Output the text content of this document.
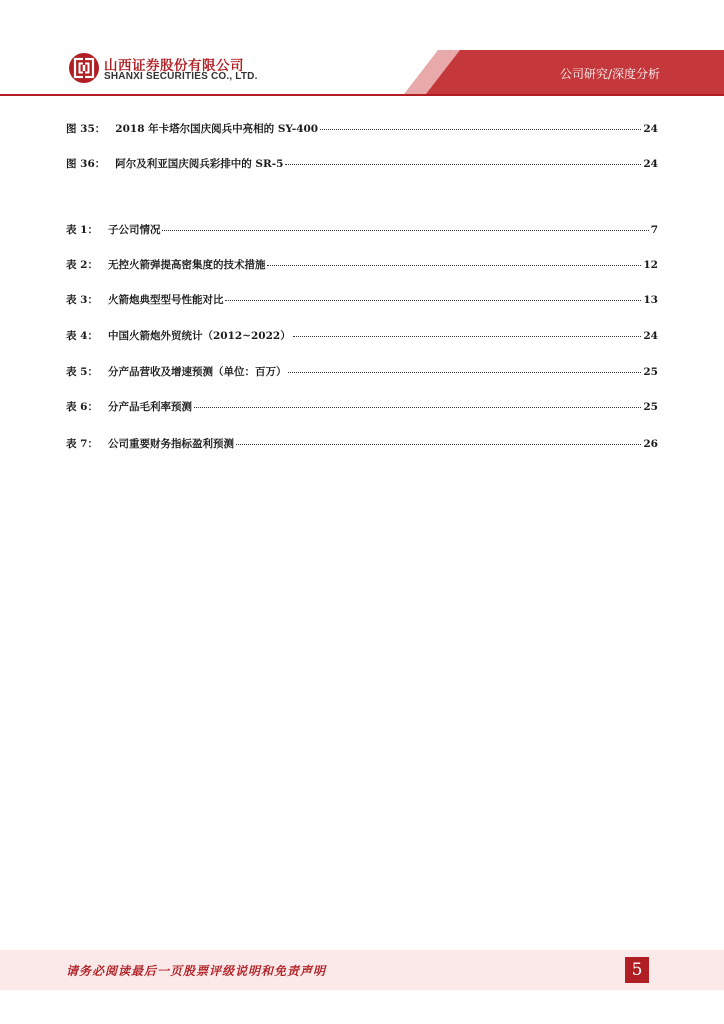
山西证券股份有限公司
SHANXI SECURITIES CO., LTD.	公司研究/深度分析
图 35： 2018 年卡塔尔国庆阅兵中亮相的 SY-400	24
图 36： 阿尔及利亚国庆阅兵彩排中的 SR-5	24
表 1： 子公司情况	7
表 2： 无控火箭弹提高密集度的技术措施	12
表 3： 火箭炮典型型号性能对比	13
表 4： 中国火箭炮外贸统计（2012~2022）	24
表 5： 分产品营收及增速预测（单位：百万）	25
表 6： 分产品毛利率预测	25
表 7： 公司重要财务指标盈利预测	26
请务必阅读最后一页股票评级说明和免责声明	5
